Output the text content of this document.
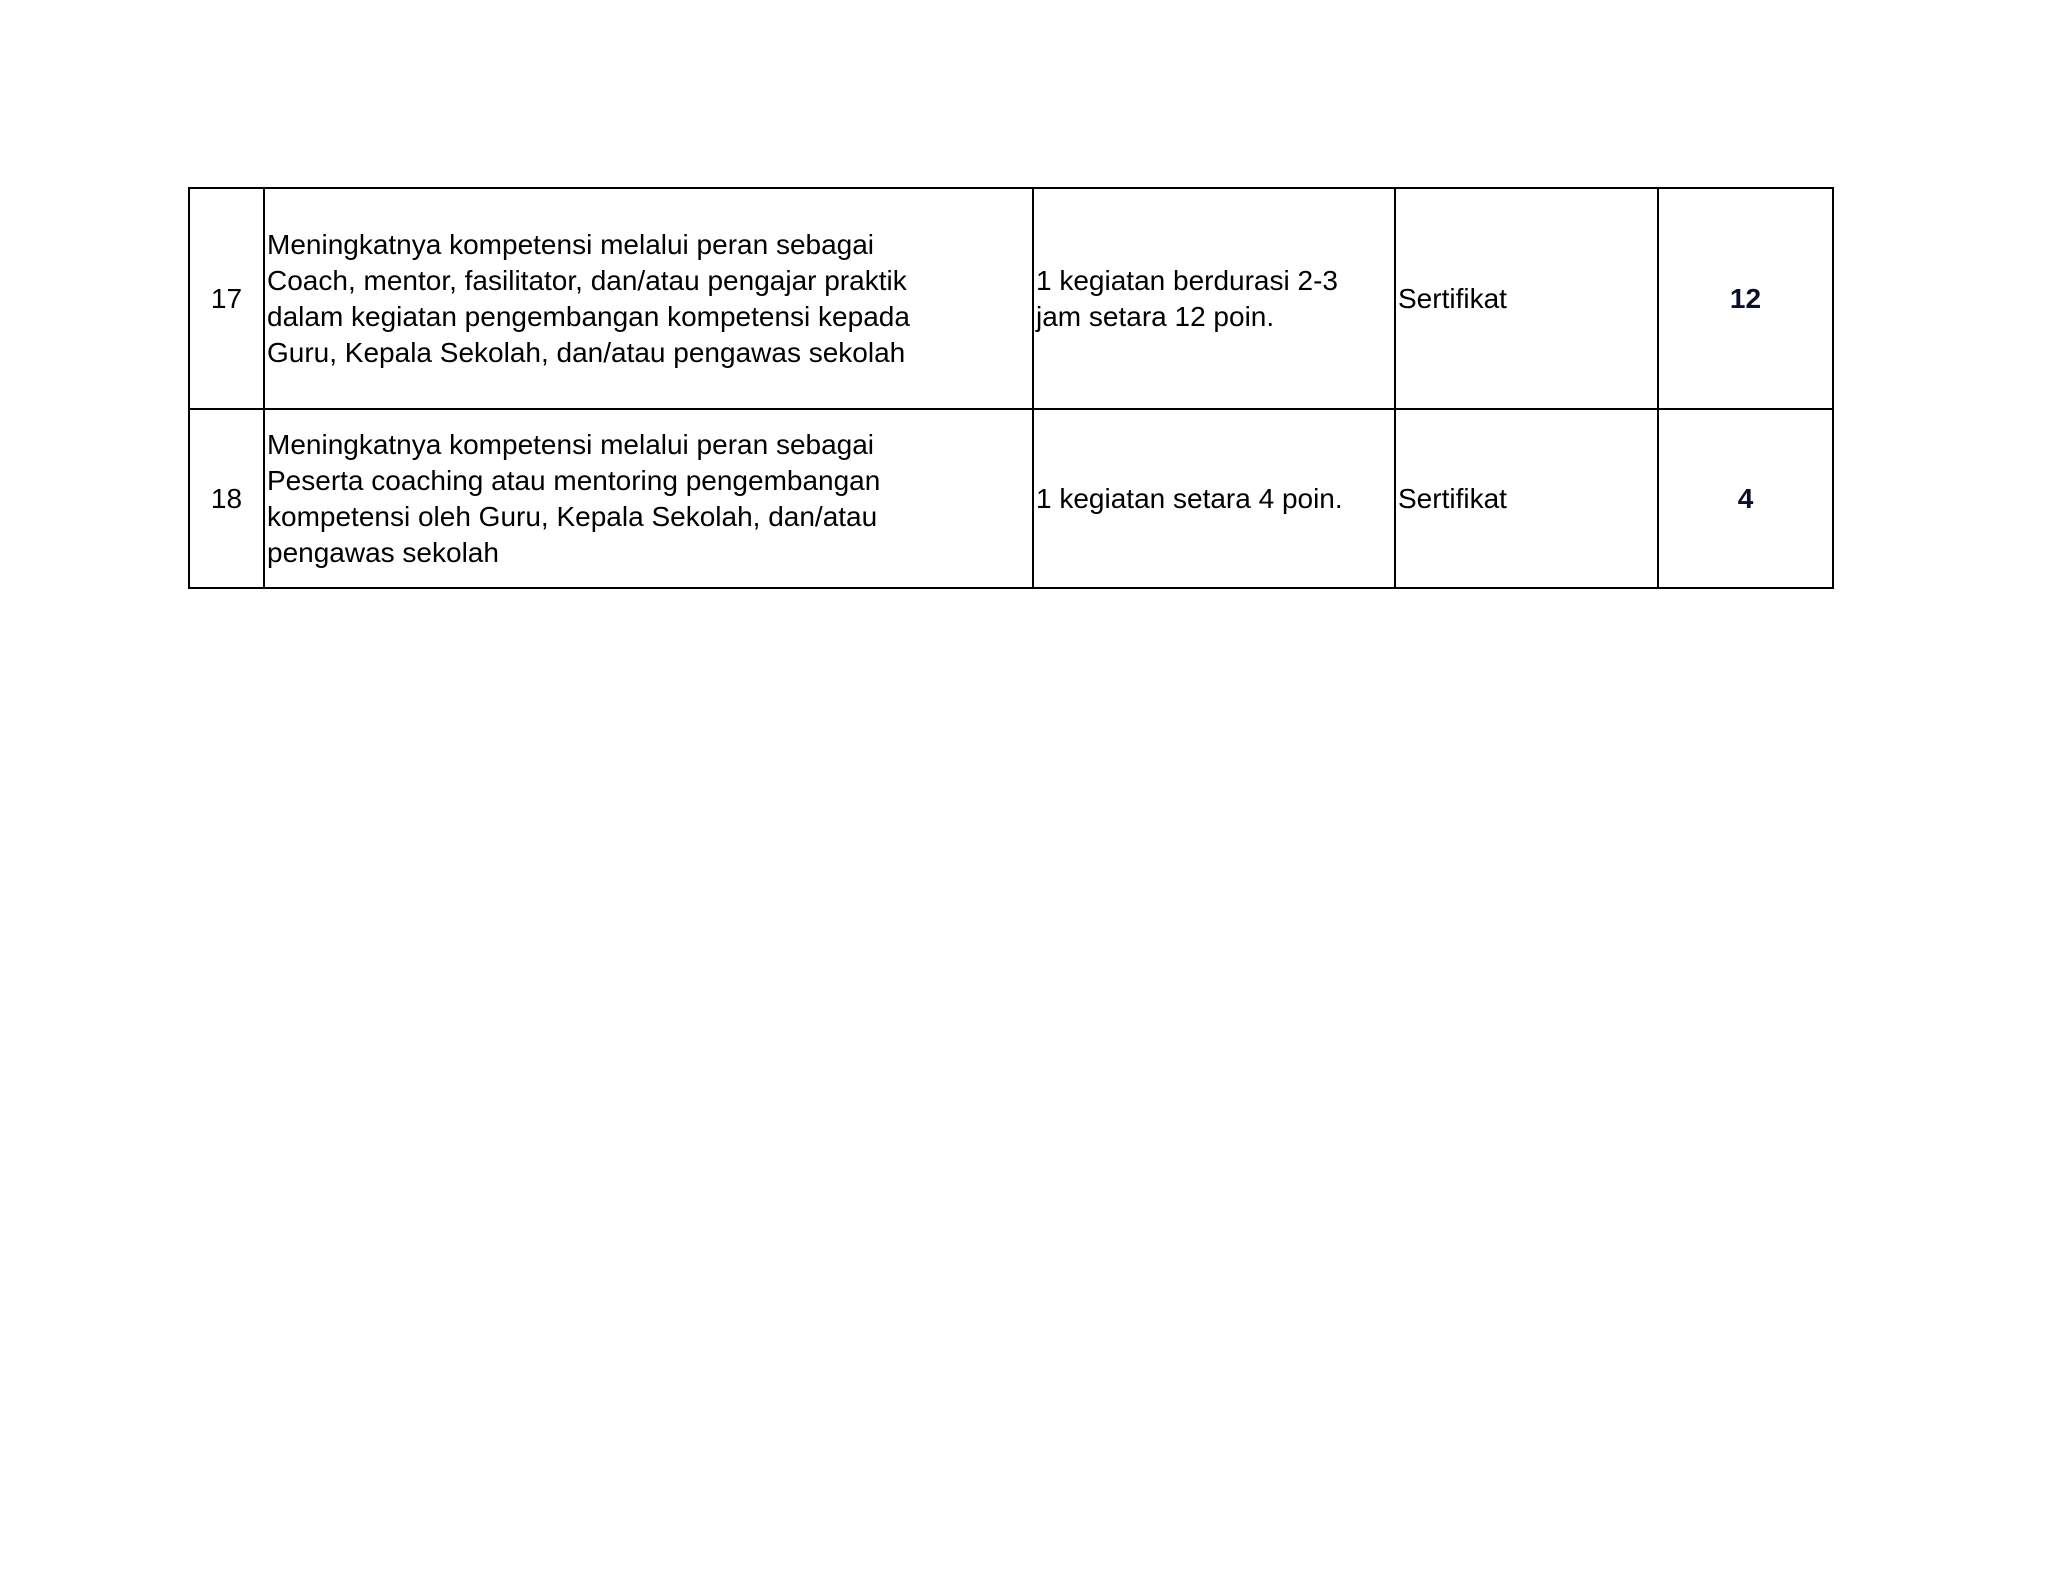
17	Meningkatnya kompetensi melalui peran sebagai
Coach, mentor, fasilitator, dan/atau pengajar praktik
dalam kegiatan pengembangan kompetensi kepada
Guru, Kepala Sekolah, dan/atau pengawas sekolah	1 kegiatan berdurasi 2-3
jam setara 12 poin.	Sertifikat	12
18	Meningkatnya kompetensi melalui peran sebagai
Peserta coaching atau mentoring pengembangan
kompetensi oleh Guru, Kepala Sekolah, dan/atau
pengawas sekolah	1 kegiatan setara 4 poin.	Sertifikat	4
